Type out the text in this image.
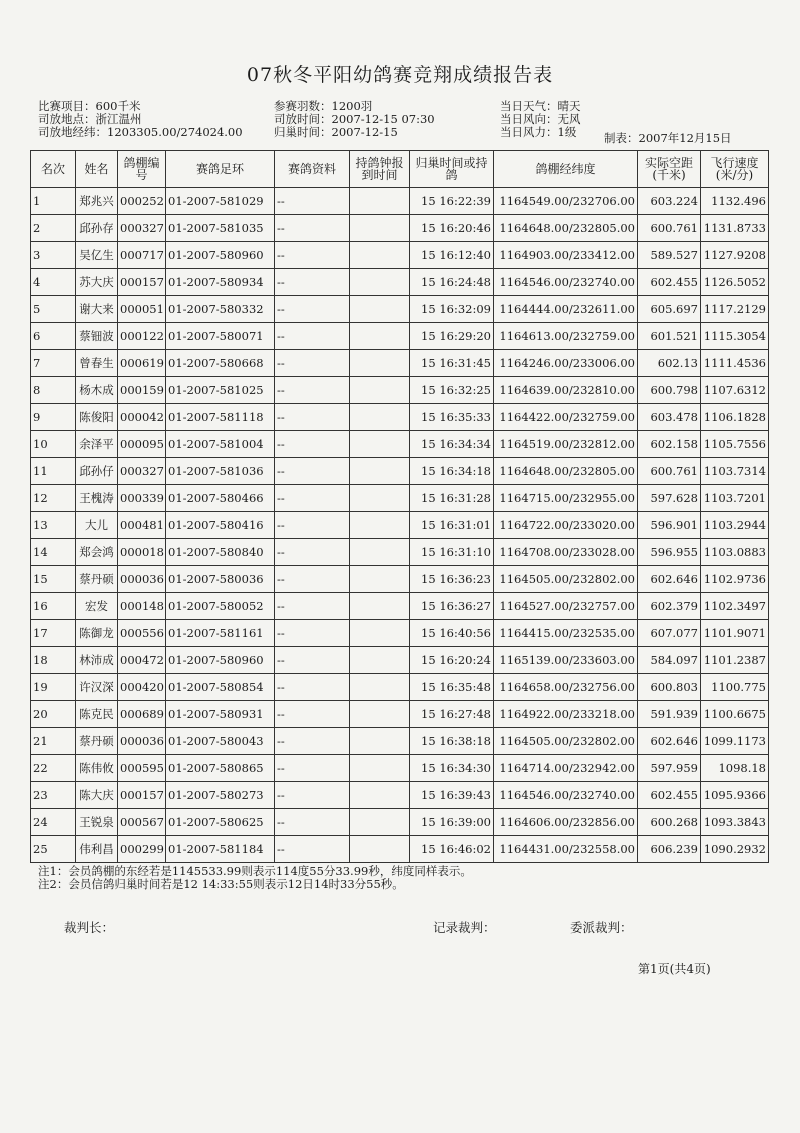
07秋冬平阳幼鸽赛竞翔成绩报告表
比赛项目：600千米
司放地点：浙江温州
司放地经纬：1203305.00/274024.00
参赛羽数：1200羽
司放时间：2007-12-15 07:30
归巢时间：2007-12-15
当日天气：晴天
当日风向：无风
当日风力：1级	制表：2007年12月15日
名次	姓名	鸽棚编号	赛鸽足环	赛鸽资料	持鸽钟报到时间	归巢时间或持鸽	鸽棚经纬度	实际空距(千米)	飞行速度(米/分)
1	郑兆兴	000252	01-2007-581029	--		15 16:22:39	1164549.00/232706.00	603.224	1132.496
2	邱孙存	000327	01-2007-581035	--		15 16:20:46	1164648.00/232805.00	600.761	1131.8733
3	吴亿生	000717	01-2007-580960	--		15 16:12:40	1164903.00/233412.00	589.527	1127.9208
4	苏大庆	000157	01-2007-580934	--		15 16:24:48	1164546.00/232740.00	602.455	1126.5052
5	谢大来	000051	01-2007-580332	--		15 16:32:09	1164444.00/232611.00	605.697	1117.2129
6	蔡钿波	000122	01-2007-580071	--		15 16:29:20	1164613.00/232759.00	601.521	1115.3054
7	曾春生	000619	01-2007-580668	--		15 16:31:45	1164246.00/233006.00	602.13	1111.4536
8	杨木成	000159	01-2007-581025	--		15 16:32:25	1164639.00/232810.00	600.798	1107.6312
9	陈俊阳	000042	01-2007-581118	--		15 16:35:33	1164422.00/232759.00	603.478	1106.1828
10	余泽平	000095	01-2007-581004	--		15 16:34:34	1164519.00/232812.00	602.158	1105.7556
11	邱孙仔	000327	01-2007-581036	--		15 16:34:18	1164648.00/232805.00	600.761	1103.7314
12	王槐涛	000339	01-2007-580466	--		15 16:31:28	1164715.00/232955.00	597.628	1103.7201
13	大儿	000481	01-2007-580416	--		15 16:31:01	1164722.00/233020.00	596.901	1103.2944
14	郑会鸿	000018	01-2007-580840	--		15 16:31:10	1164708.00/233028.00	596.955	1103.0883
15	蔡丹硕	000036	01-2007-580036	--		15 16:36:23	1164505.00/232802.00	602.646	1102.9736
16	宏发	000148	01-2007-580052	--		15 16:36:27	1164527.00/232757.00	602.379	1102.3497
17	陈御龙	000556	01-2007-581161	--		15 16:40:56	1164415.00/232535.00	607.077	1101.9071
18	林沛成	000472	01-2007-580960	--		15 16:20:24	1165139.00/233603.00	584.097	1101.2387
19	许汉深	000420	01-2007-580854	--		15 16:35:48	1164658.00/232756.00	600.803	1100.775
20	陈克民	000689	01-2007-580931	--		15 16:27:48	1164922.00/233218.00	591.939	1100.6675
21	蔡丹硕	000036	01-2007-580043	--		15 16:38:18	1164505.00/232802.00	602.646	1099.1173
22	陈伟攸	000595	01-2007-580865	--		15 16:34:30	1164714.00/232942.00	597.959	1098.18
23	陈大庆	000157	01-2007-580273	--		15 16:39:43	1164546.00/232740.00	602.455	1095.9366
24	王锐泉	000567	01-2007-580625	--		15 16:39:00	1164606.00/232856.00	600.268	1093.3843
25	伟利昌	000299	01-2007-581184	--		15 16:46:02	1164431.00/232558.00	606.239	1090.2932
注1：会员鸽棚的东经若是1145533.99则表示114度55分33.99秒，纬度同样表示。
注2：会员信鸽归巢时间若是12 14:33:55则表示12日14时33分55秒。
裁判长：	记录裁判：	委派裁判：
第1页(共4页)
